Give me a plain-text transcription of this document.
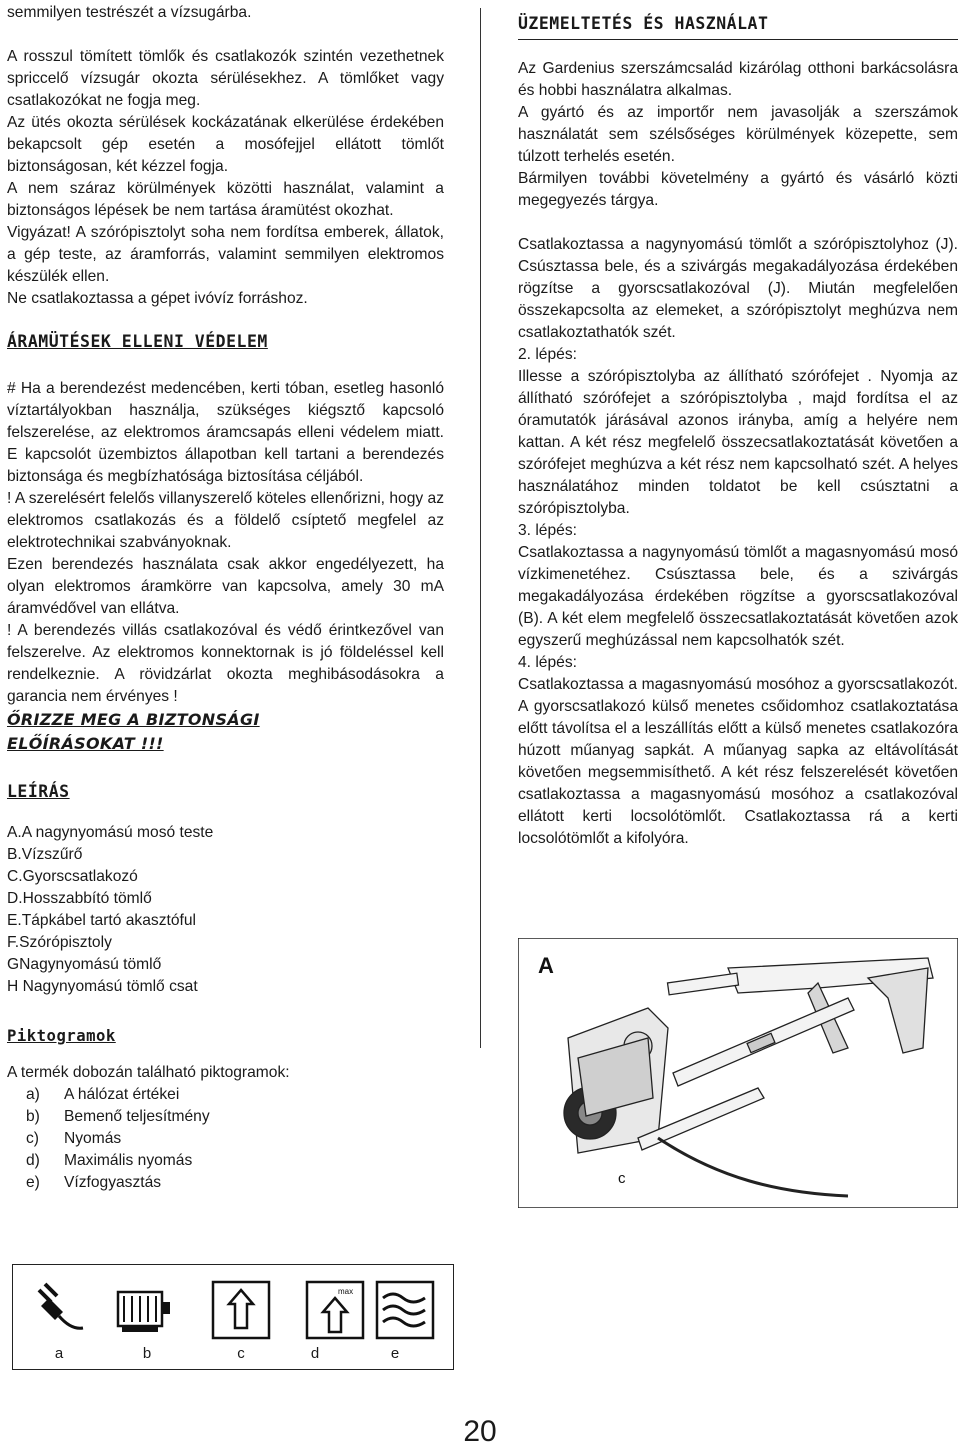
semmilyen testrészét a vízsugárba.

A rosszul tömített tömlők és csatlakozók szintén vezethetnek spriccelő vízsugár okozta sérülésekhez. A tömlőket vagy csatlakozókat ne fogja meg.

Az ütés okozta sérülések kockázatának elkerülése érdekében bekapcsolt gép esetén a mosófejjel ellátott tömlőt biztonságosan, két kézzel fogja.

A nem száraz körülmények közötti használat, valamint a biztonságos lépések be nem tartása áramütést okozhat.

Vigyázat! A szórópisztolyt soha nem fordítsa emberek, állatok, a gép teste, az áramforrás, valamint semmilyen elektromos készülék ellen.

Ne csatlakoztassa a gépet ivóvíz forráshoz.

ÁRAMÜTÉSEK ELLENI VÉDELEM

# Ha a berendezést medencében, kerti tóban, esetleg hasonló víztartályokban használja, szükséges kiégsztő kapcsoló felszerelése, az elektromos áramcsapás elleni védelem miatt. E kapcsolót üzembiztos állapotban kell tartani a berendezés biztonsága és megbízhatósága biztosítása céljából.

! A szerelésért felelős villanyszerelő köteles ellenőrizni, hogy az elektromos csatlakozás és a földelő csíptető megfelel az elektrotechnikai szabványoknak.

Ezen berendezés használata csak akkor engedélyezett, ha olyan elektromos áramkörre van kapcsolva, amely 30 mA áramvédővel van ellátva.

! A berendezés villás csatlakozóval és védő érintkezővel van felszerelve. Az elektromos konnektornak is jó földeléssel kell rendelkeznie. A rövidzárlat okozta meghibásodásokra a garancia nem érvényes !

ŐRIZZE MEG A BIZTONSÁGI ELŐÍRÁSOKAT !!!
LEÍRÁS
A.A nagynyomású mosó teste
B.Vízszűrő
C.Gyorscsatlakozó
D.Hosszabbító tömlő
E.Tápkábel tartó akasztóful
F.Szórópisztoly
GNagynyomású tömlő
H Nagynyomású tömlő csat
Piktogramok

A termék dobozán található piktogramok:

a)	A hálózat értékei
b)	Bemenő teljesítmény
c)	Nyomás
d)	Maximális nyomás
e)	Vízfogyasztás
ÜZEMELTETÉS ÉS HASZNÁLAT

Az Gardenius szerszámcsalád kizárólag otthoni barkácsolásra és hobbi használatra alkalmas.

A gyártó és az importőr nem javasolják a szerszámok használatát sem szélsőséges körülmények közepette, sem túlzott terhelés esetén.

Bármilyen további követelmény a gyártó és vásárló közti megegyezés tárgya.

Csatlakoztassa a nagynyomású tömlőt a szórópisztolyhoz (J). Csúsztassa bele, és a szivárgás megakadályozása érdekében rögzítse a gyorscsatlakozóval (J). Miután megfelelően összekapcsolta az elemeket, a szórópisztolyt meghúzva nem csatlakoztathatók szét.

2. lépés:

Illesse a szórópisztolyba az állítható szórófejet . Nyomja az állítható szórófejet a szórópisztolyba , majd fordítsa el az óramutatók járásával azonos irányba, amíg a helyére nem kattan. A két rész megfelelő összecsatlakoztatását követően a szórófejet meghúzva a két rész nem kapcsolható szét. A helyes használatához minden toldatot be kell csúsztatni a szórópisztolyba.

3. lépés:

Csatlakoztassa a nagynyomású tömlőt a magasnyomású mosó vízkimenetéhez. Csúsztassa bele, és a szivárgás megakadályozása érdekében rögzítse a gyorscsatlakozóval (B). A két elem megfelelő összecsatlakoztatását követően azok egyszerű meghúzással nem kapcsolhatók szét.

4. lépés:

Csatlakoztassa a magasnyomású mosóhoz a gyorscsatlakozót. A gyorscsatlakozó külső menetes csőidomhoz csatlakoztatása előtt távolítsa el a leszállítás előtt a külső menetes csatlakozóra húzott műanyag sapkát. A műanyag sapka az eltávolítását követően megsemmisíthető. A két rész felszerelését követően csatlakoztassa a magasnyomású mosóhoz a csatlakozóval ellátott kerti locsolótömlőt. Csatlakoztassa rá a kerti locsolótömlőt a kifolyóra.

A
c
max
a	b	c	d	e
20
